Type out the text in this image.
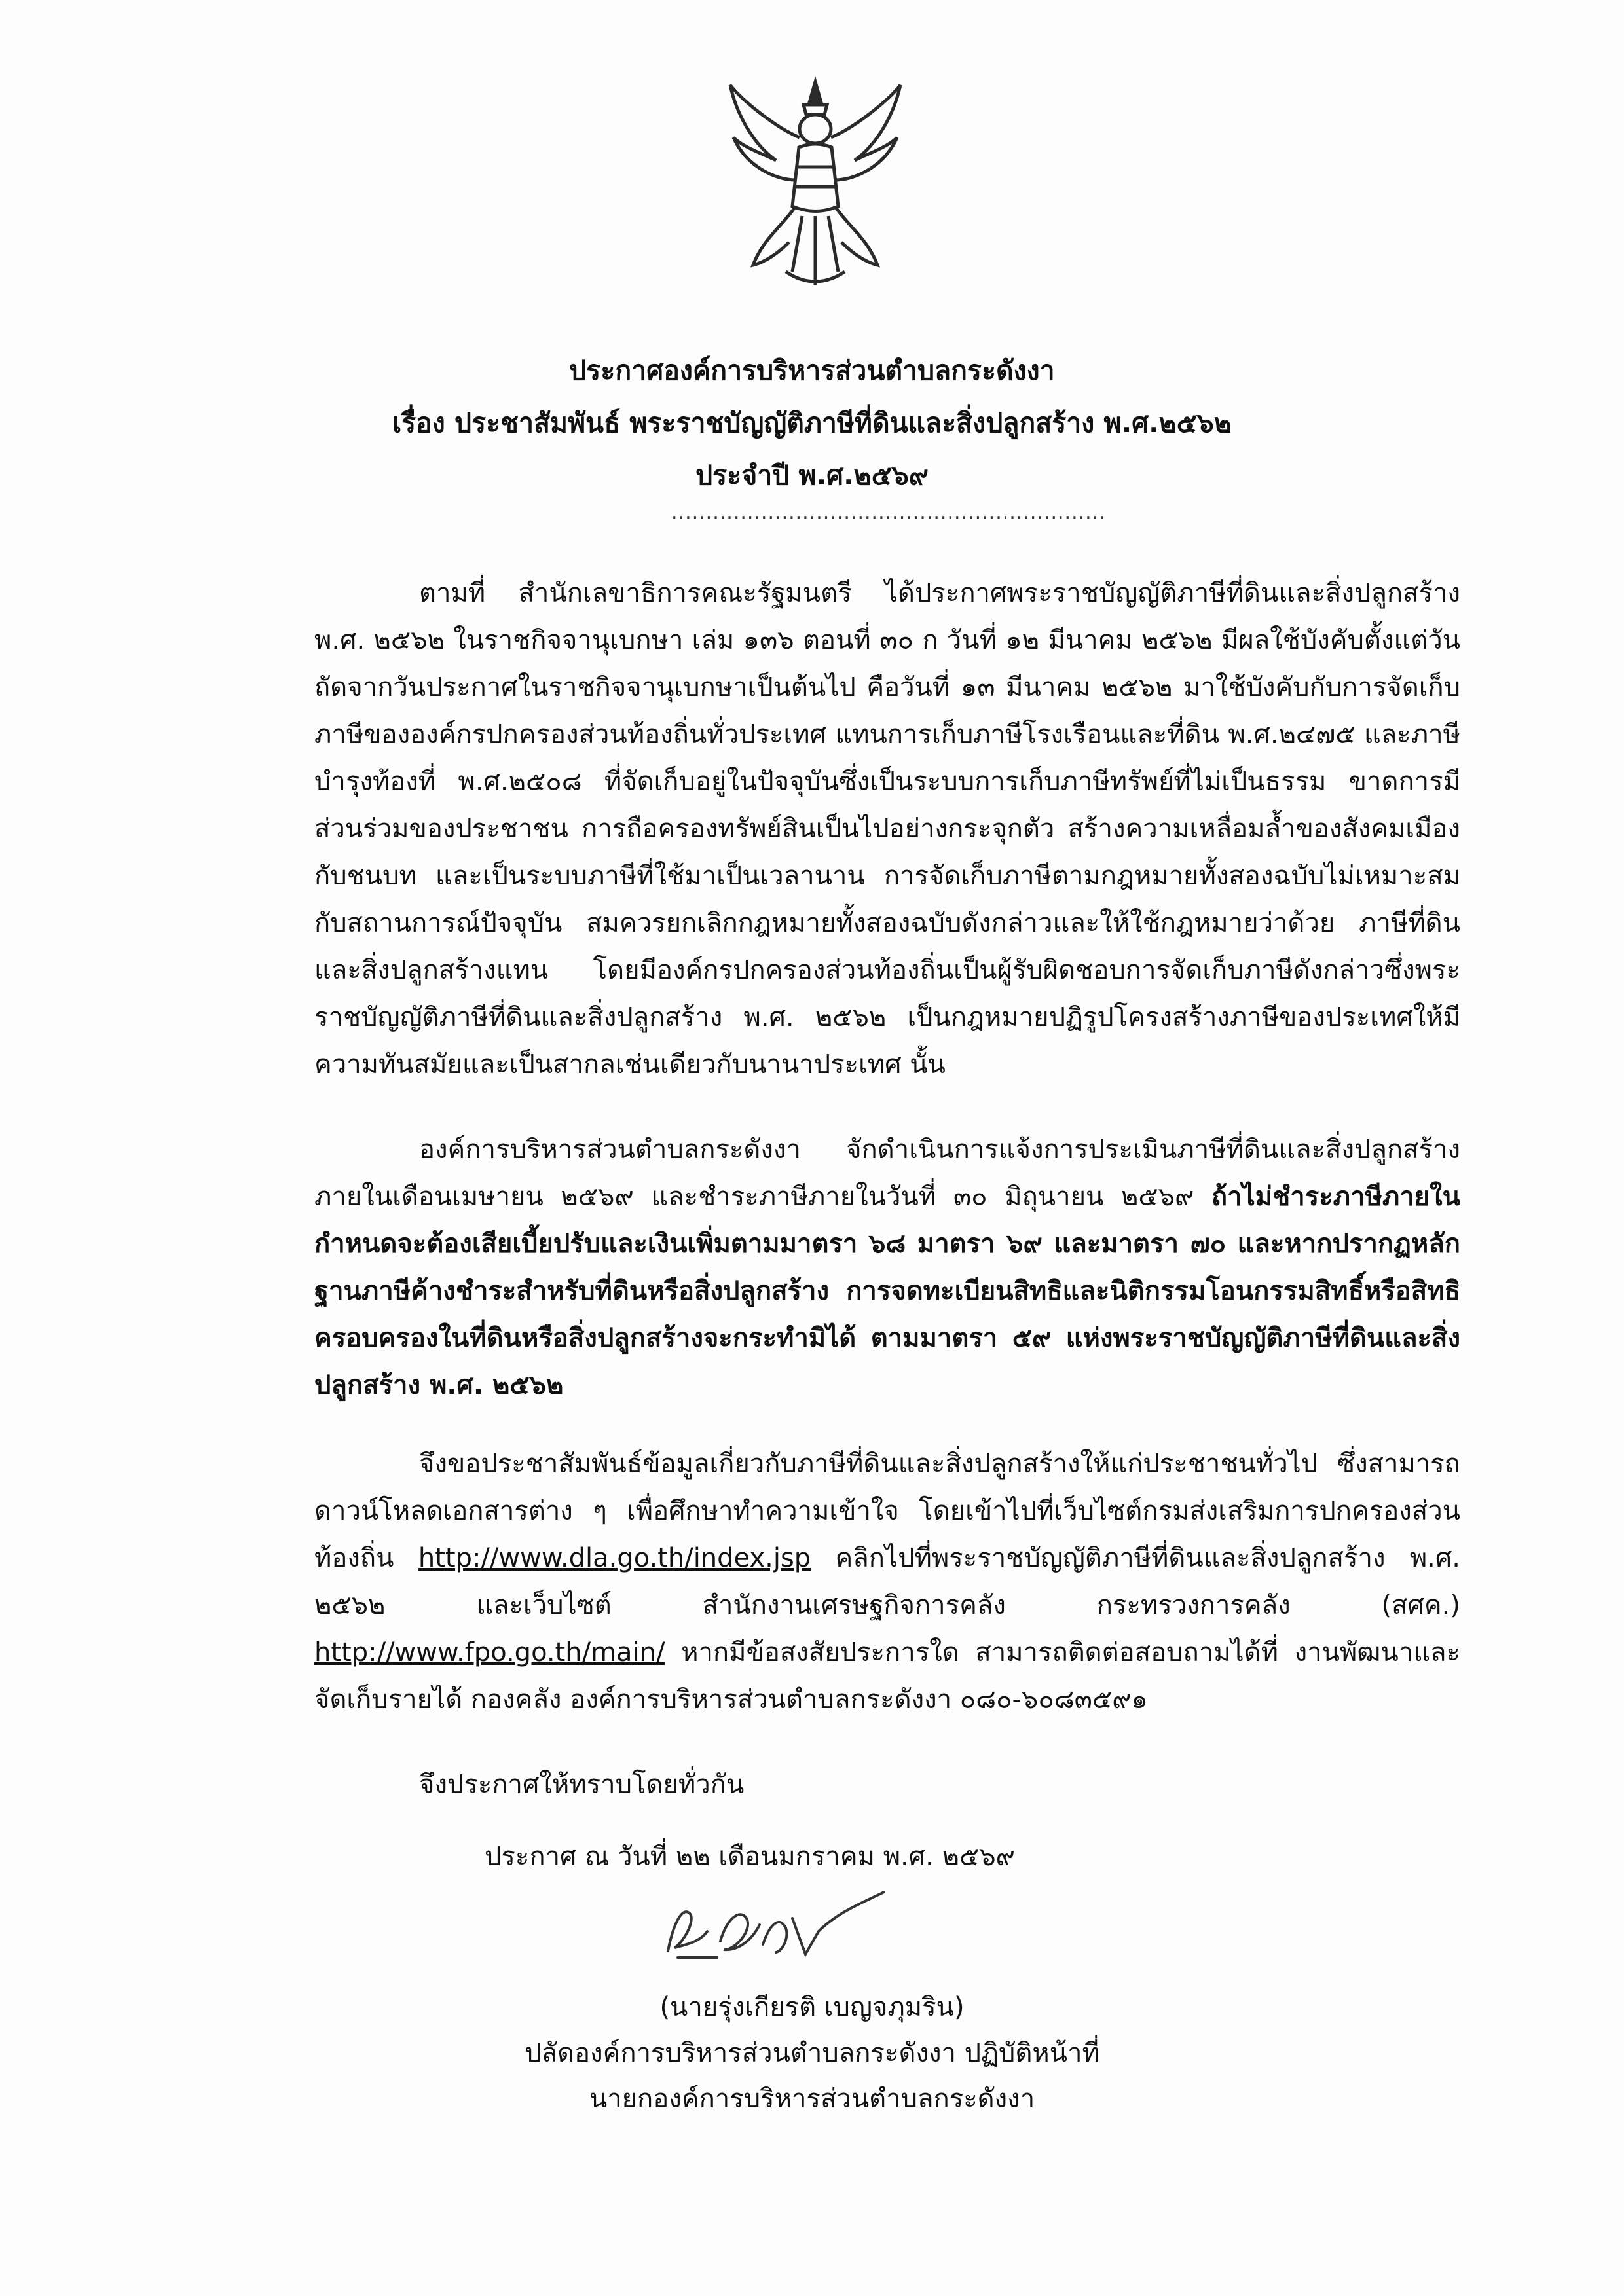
ประกาศองค์การบริหารส่วนตำบลกระดังงา
เรื่อง ประชาสัมพันธ์ พระราชบัญญัติภาษีที่ดินและสิ่งปลูกสร้าง พ.ศ.๒๕๖๒
ประจำปี พ.ศ.๒๕๖๙
...............................................................

ตามที่ สำนักเลขาธิการคณะรัฐมนตรี ได้ประกาศพระราชบัญญัติภาษีที่ดินและสิ่งปลูกสร้าง พ.ศ. ๒๕๖๒ ในราชกิจจานุเบกษา เล่ม ๑๓๖ ตอนที่ ๓๐ ก วันที่ ๑๒ มีนาคม ๒๕๖๒ มีผลใช้บังคับตั้งแต่วันถัดจากวันประกาศในราชกิจจานุเบกษาเป็นต้นไป คือวันที่ ๑๓ มีนาคม ๒๕๖๒ มาใช้บังคับกับการจัดเก็บภาษีขององค์กรปกครองส่วนท้องถิ่นทั่วประเทศ แทนการเก็บภาษีโรงเรือนและที่ดิน พ.ศ.๒๔๗๕ และภาษีบำรุงท้องที่ พ.ศ.๒๕๐๘ ที่จัดเก็บอยู่ในปัจจุบันซึ่งเป็นระบบการเก็บภาษีทรัพย์ที่ไม่เป็นธรรม ขาดการมีส่วนร่วมของประชาชน การถือครองทรัพย์สินเป็นไปอย่างกระจุกตัว สร้างความเหลื่อมล้ำของสังคมเมืองกับชนบท และเป็นระบบภาษีที่ใช้มาเป็นเวลานาน การจัดเก็บภาษีตามกฎหมายทั้งสองฉบับไม่เหมาะสมกับสถานการณ์ปัจจุบัน สมควรยกเลิกกฎหมายทั้งสองฉบับดังกล่าวและให้ใช้กฎหมายว่าด้วย ภาษีที่ดินและสิ่งปลูกสร้างแทน โดยมีองค์กรปกครองส่วนท้องถิ่นเป็นผู้รับผิดชอบการจัดเก็บภาษีดังกล่าวซึ่งพระราชบัญญัติภาษีที่ดินและสิ่งปลูกสร้าง พ.ศ. ๒๕๖๒ เป็นกฎหมายปฏิรูปโครงสร้างภาษีของประเทศให้มีความทันสมัยและเป็นสากลเช่นเดียวกับนานาประเทศ นั้น

องค์การบริหารส่วนตำบลกระดังงา จักดำเนินการแจ้งการประเมินภาษีที่ดินและสิ่งปลูกสร้าง ภายในเดือนเมษายน ๒๕๖๙ และชำระภาษีภายในวันที่ ๓๐ มิถุนายน ๒๕๖๙ ถ้าไม่ชำระภาษีภายในกำหนดจะต้องเสียเบี้ยปรับและเงินเพิ่มตามมาตรา ๖๘ มาตรา ๖๙ และมาตรา ๗๐ และหากปรากฏหลักฐานภาษีค้างชำระสำหรับที่ดินหรือสิ่งปลูกสร้าง การจดทะเบียนสิทธิและนิติกรรมโอนกรรมสิทธิ์หรือสิทธิครอบครองในที่ดินหรือสิ่งปลูกสร้างจะกระทำมิได้ ตามมาตรา ๕๙ แห่งพระราชบัญญัติภาษีที่ดินและสิ่งปลูกสร้าง พ.ศ. ๒๕๖๒

จึงขอประชาสัมพันธ์ข้อมูลเกี่ยวกับภาษีที่ดินและสิ่งปลูกสร้างให้แก่ประชาชนทั่วไป ซึ่งสามารถดาวน์โหลดเอกสารต่าง ๆ เพื่อศึกษาทำความเข้าใจ โดยเข้าไปที่เว็บไซต์กรมส่งเสริมการปกครองส่วนท้องถิ่น http://www.dla.go.th/index.jsp คลิกไปที่พระราชบัญญัติภาษีที่ดินและสิ่งปลูกสร้าง พ.ศ. ๒๕๖๒ และเว็บไซต์ สำนักงานเศรษฐกิจการคลัง กระทรวงการคลัง (สศค.) http://www.fpo.go.th/main/ หากมีข้อสงสัยประการใด สามารถติดต่อสอบถามได้ที่ งานพัฒนาและจัดเก็บรายได้ กองคลัง องค์การบริหารส่วนตำบลกระดังงา ๐๘๐-๖๐๘๓๕๙๑

จึงประกาศให้ทราบโดยทั่วกัน
ประกาศ ณ วันที่ ๒๒ เดือนมกราคม พ.ศ. ๒๕๖๙
(นายรุ่งเกียรติ เบญจภุมริน)
ปลัดองค์การบริหารส่วนตำบลกระดังงา ปฏิบัติหน้าที่
นายกองค์การบริหารส่วนตำบลกระดังงา
